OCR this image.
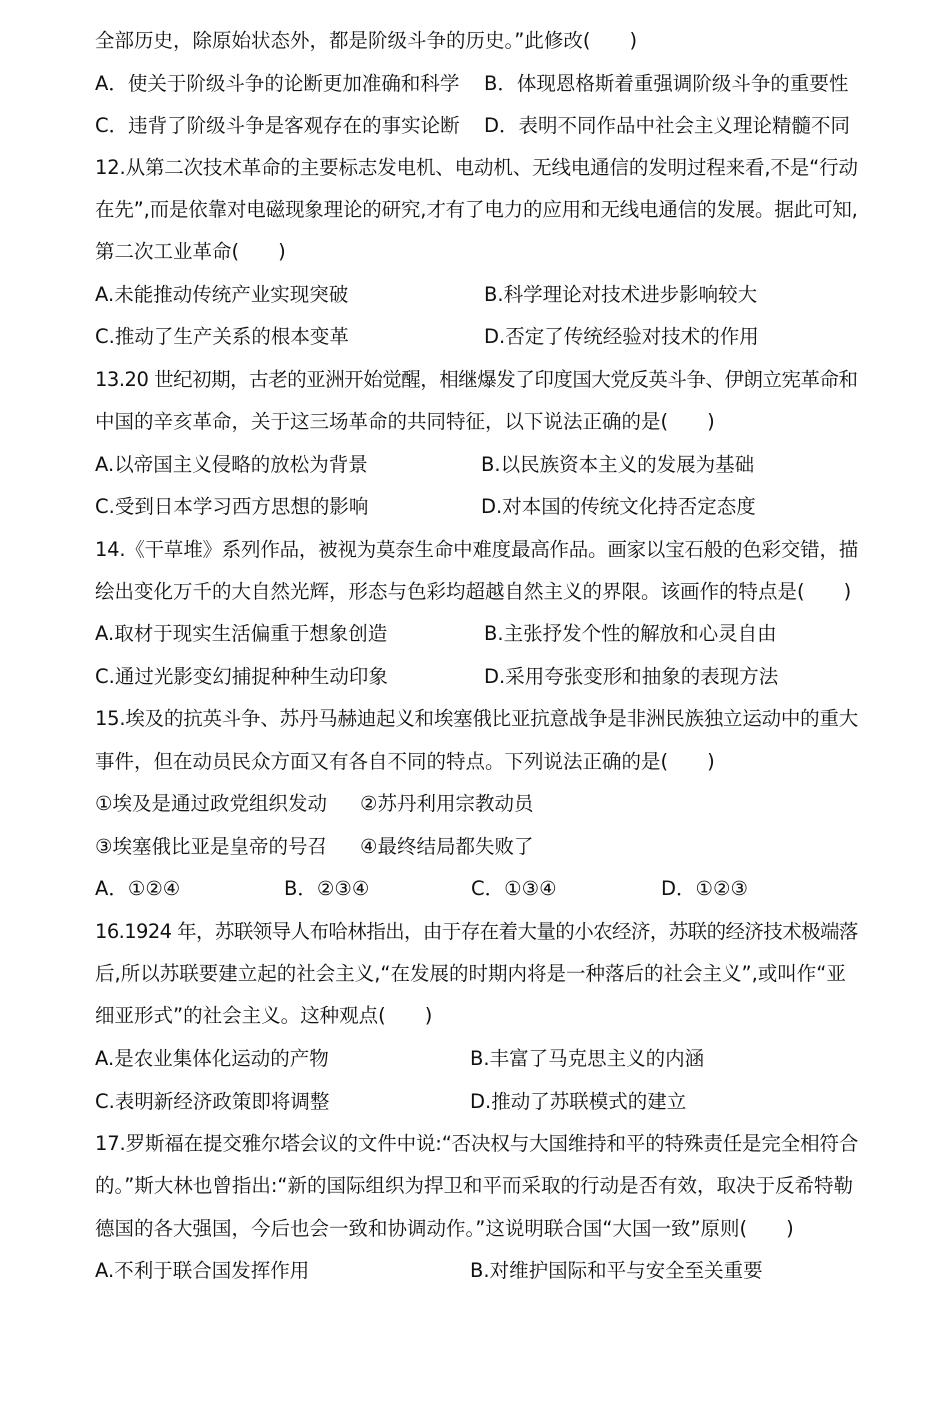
全部历史，除原始状态外，都是阶级斗争的历史。”此修改(　　)
A．使关于阶级斗争的论断更加准确和科学 B．体现恩格斯着重强调阶级斗争的重要性
C．违背了阶级斗争是客观存在的事实论断 D．表明不同作品中社会主义理论精髓不同
12.从第二次技术革命的主要标志发电机、电动机、无线电通信的发明过程来看,不是“行动
在先”,而是依靠对电磁现象理论的研究,才有了电力的应用和无线电通信的发展。据此可知,
第二次工业革命(　　)
A.未能推动传统产业实现突破	B.科学理论对技术进步影响较大
C.推动了生产关系的根本变革	D.否定了传统经验对技术的作用
13.20 世纪初期，古老的亚洲开始觉醒，相继爆发了印度国大党反英斗争、伊朗立宪革命和
中国的辛亥革命，关于这三场革命的共同特征，以下说法正确的是(　　)
A.以帝国主义侵略的放松为背景	B.以民族资本主义的发展为基础
C.受到日本学习西方思想的影响	D.对本国的传统文化持否定态度
14.《干草堆》系列作品，被视为莫奈生命中难度最高作品。画家以宝石般的色彩交错，描
绘出变化万千的大自然光辉，形态与色彩均超越自然主义的界限。该画作的特点是(　　)
A.取材于现实生活偏重于想象创造	B.主张抒发个性的解放和心灵自由
C.通过光影变幻捕捉种种生动印象	D.采用夸张变形和抽象的表现方法
15.埃及的抗英斗争、苏丹马赫迪起义和埃塞俄比亚抗意战争是非洲民族独立运动中的重大
事件，但在动员民众方面又有各自不同的特点。下列说法正确的是(　　)
①埃及是通过政党组织发动 ②苏丹利用宗教动员
③埃塞俄比亚是皇帝的号召 ④最终结局都失败了
A．①②④	B．②③④	C．①③④	D．①②③
16.1924 年，苏联领导人布哈林指出，由于存在着大量的小农经济，苏联的经济技术极端落
后,所以苏联要建立起的社会主义,“在发展的时期内将是一种落后的社会主义”,或叫作“亚
细亚形式”的社会主义。这种观点(　　)
A.是农业集体化运动的产物	B.丰富了马克思主义的内涵
C.表明新经济政策即将调整	D.推动了苏联模式的建立
17.罗斯福在提交雅尔塔会议的文件中说:“否决权与大国维持和平的特殊责任是完全相符合
的。”斯大林也曾指出:“新的国际组织为捍卫和平而采取的行动是否有效，取决于反希特勒
德国的各大强国，今后也会一致和协调动作。”这说明联合国“大国一致”原则(　　)
A.不利于联合国发挥作用	B.对维护国际和平与安全至关重要
